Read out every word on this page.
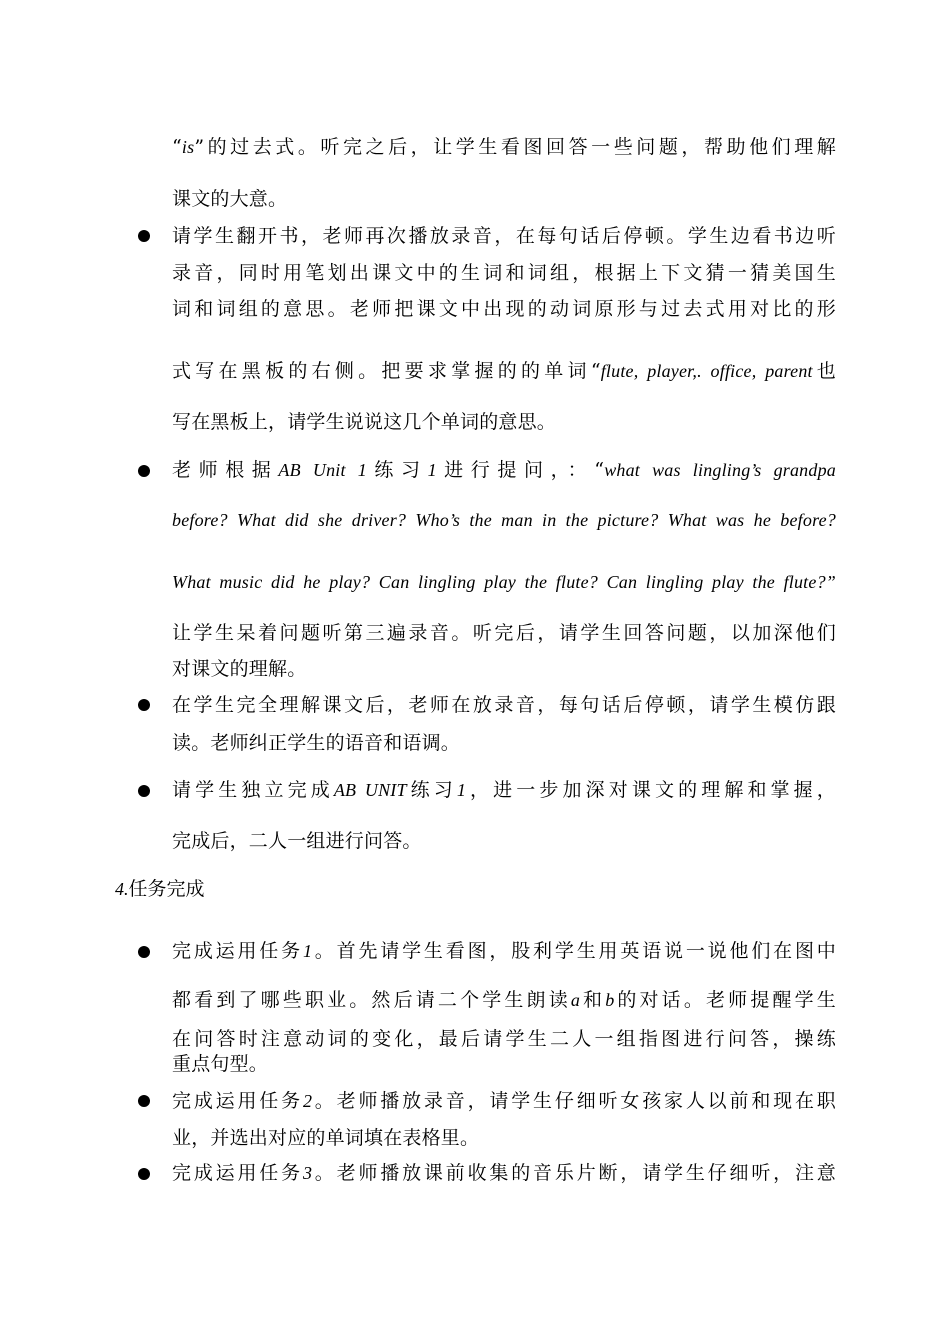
“is”的过去式。听完之后，让学生看图回答一些问题，帮助他们理解
课文的大意。
请学生翻开书，老师再次播放录音，在每句话后停顿。学生边看书边听
录音，同时用笔划出课文中的生词和词组，根据上下文猜一猜美国生
词和词组的意思。老师把课文中出现的动词原形与过去式用对比的形
式写在黑板的右侧。把要求掌握的的单词“flute, player,. office, parent也
写在黑板上，请学生说说这几个单词的意思。
老师根据AB Unit 1练习1进行提问，：“what was lingling’s grandpa
before? What did she driver? Who’s the man in the picture? What was he before?
What music did he play? Can lingling play the flute? Can lingling play the flute?”
让学生呆着问题听第三遍录音。听完后，请学生回答问题，以加深他们
对课文的理解。
在学生完全理解课文后，老师在放录音，每句话后停顿，请学生模仿跟
读。老师纠正学生的语音和语调。
请学生独立完成AB UNIT练习1，进一步加深对课文的理解和掌握，
完成后，二人一组进行问答。
4.任务完成
完成运用任务1。首先请学生看图，股利学生用英语说一说他们在图中
都看到了哪些职业。然后请二个学生朗读a和b的对话。老师提醒学生
在问答时注意动词的变化，最后请学生二人一组指图进行问答，操练
重点句型。
完成运用任务2。老师播放录音，请学生仔细听女孩家人以前和现在职
业，并选出对应的单词填在表格里。
完成运用任务3。老师播放课前收集的音乐片断，请学生仔细听，注意
